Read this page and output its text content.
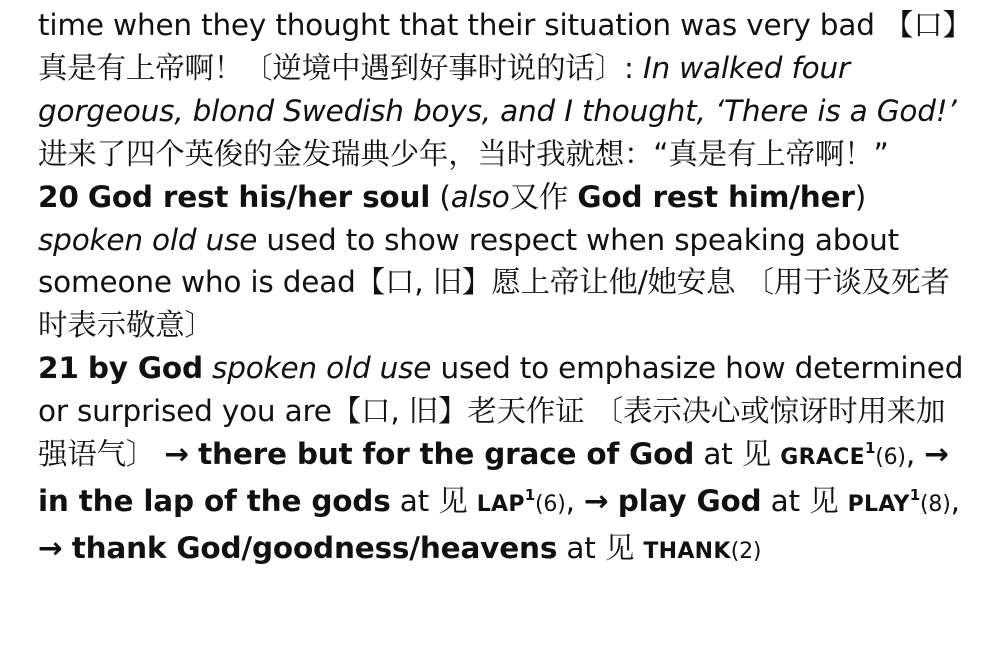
time when they thought that their situation was very bad 【口】真是有上帝啊！〔逆境中遇到好事时说的话〕: In walked four gorgeous, blond Swedish boys, and I thought, ‘There is a God!’ 进来了四个英俊的金发瑞典少年，当时我就想：“真是有上帝啊！”

20 God rest his/her soul (also又作 God rest him/her) spoken old use used to show respect when speaking about someone who is dead【口, 旧】愿上帝让他/她安息 〔用于谈及死者时表示敬意〕

21 by God spoken old use used to emphasize how determined or surprised you are【口, 旧】老天作证 〔表示决心或惊讶时用来加强语气〕 → there but for the grace of God at 见 $GRACE^1(6)$, → in the lap of the gods at 见 $LAP^1(6)$, → play God at 见 $PLAY^1(8)$, → thank God/goodness/heavens at 见 THANK(2)
